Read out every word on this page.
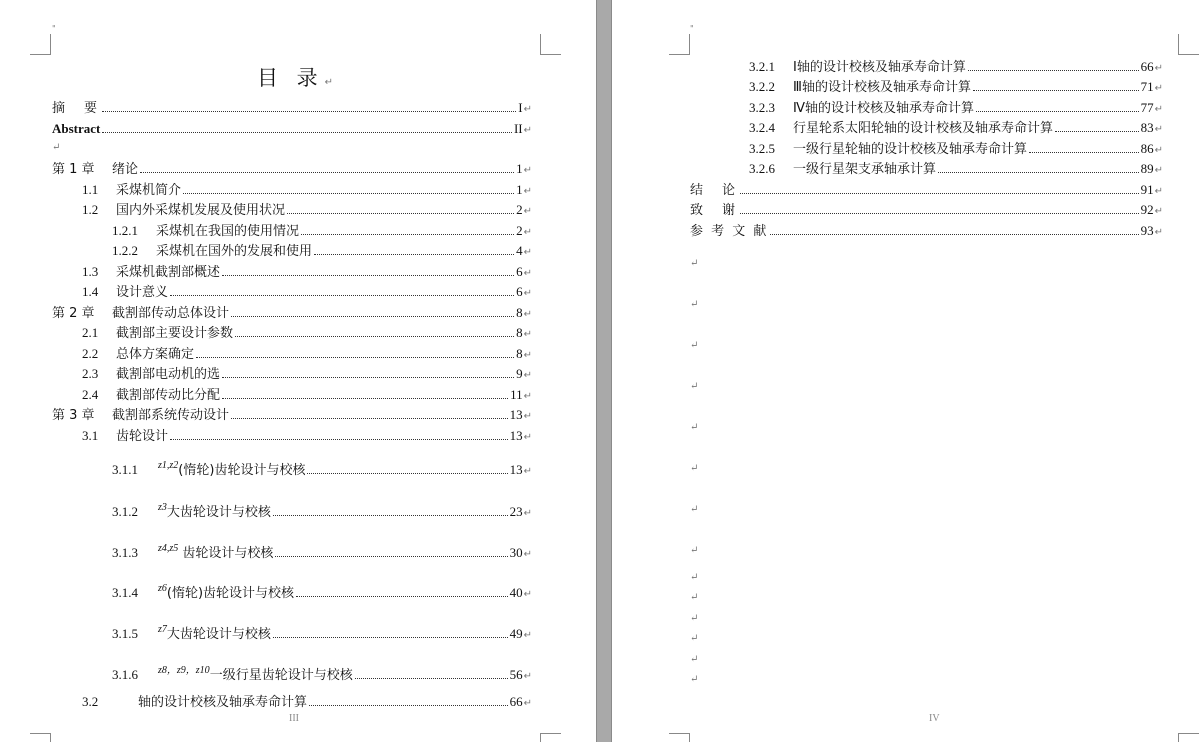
"
目 录↵
摘　要	I ↵
Abstract	II ↵
↵
第 1 章	绪论	1 ↵
1.1	采煤机简介	1 ↵
1.2	国内外采煤机发展及使用状况	2 ↵
1.2.1	采煤机在我国的使用情况	2 ↵
1.2.2	采煤机在国外的发展和使用	4 ↵
1.3	采煤机截割部概述	6 ↵
1.4	设计意义	6 ↵
第 2 章	截割部传动总体设计	8 ↵
2.1	截割部主要设计参数	8 ↵
2.2	总体方案确定	8 ↵
2.3	截割部电动机的选	9 ↵
2.4	截割部传动比分配	11 ↵
第 3 章	截割部系统传动设计	13 ↵
3.1	齿轮设计	13 ↵
3.1.1	z1,z2 (惰轮)齿轮设计与校核	13 ↵
3.1.2	z3 大齿轮设计与校核	23 ↵
3.1.3	z4,z5 齿轮设计与校核	30 ↵
3.1.4	z6 (惰轮)齿轮设计与校核	40 ↵
3.1.5	z7 大齿轮设计与校核	49 ↵
3.1.6	z8，z9，z10 一级行星齿轮设计与校核	56 ↵
3.2	轴的设计校核及轴承寿命计算	66 ↵
III
"
3.2.1	Ⅰ轴的设计校核及轴承寿命计算	66 ↵
3.2.2	Ⅲ轴的设计校核及轴承寿命计算	71 ↵
3.2.3	Ⅳ轴的设计校核及轴承寿命计算	77 ↵
3.2.4	行星轮系太阳轮轴的设计校核及轴承寿命计算	83 ↵
3.2.5	一级行星轮轴的设计校核及轴承寿命计算	86 ↵
3.2.6	一级行星架支承轴承计算	89 ↵
结　论	91 ↵
致　谢	92 ↵
参 考 文 献	93 ↵
↵
↵
↵
↵
↵
↵
↵
↵
↵
↵
↵
↵
↵
↵
IV
